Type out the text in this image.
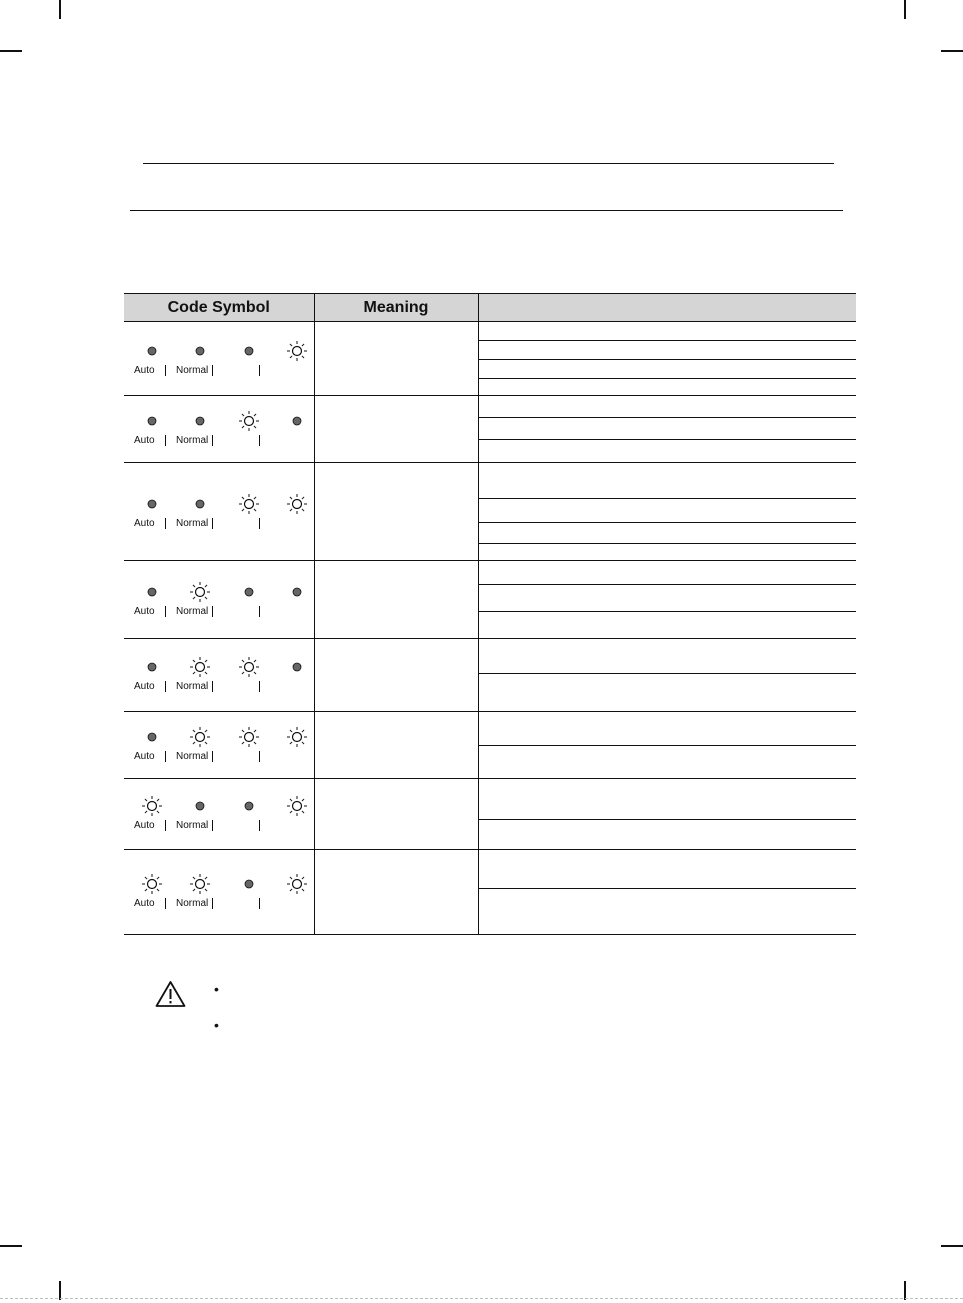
Code Symbol	Meaning	

Auto Normal		

Auto Normal		

Auto Normal		

Auto Normal		

Auto Normal		

Auto Normal		

Auto Normal		

Auto Normal		

•
•
